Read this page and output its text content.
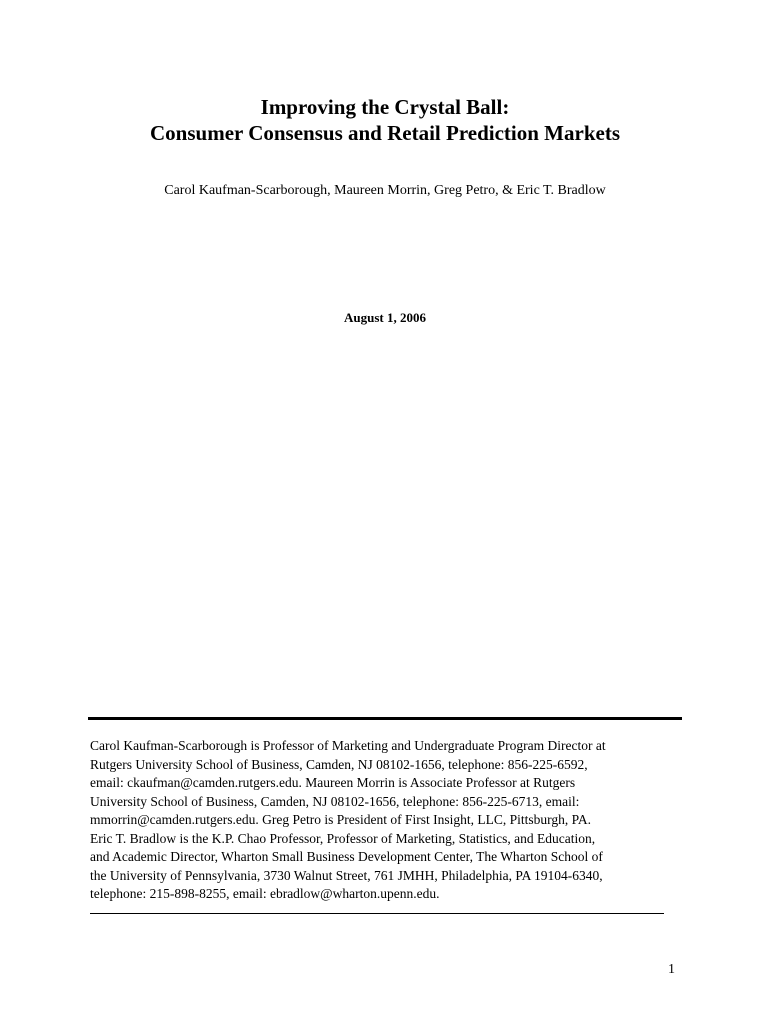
Improving the Crystal Ball:
Consumer Consensus and Retail Prediction Markets
Carol Kaufman-Scarborough, Maureen Morrin, Greg Petro, & Eric T. Bradlow
August 1, 2006
Carol Kaufman-Scarborough is Professor of Marketing and Undergraduate Program Director at
Rutgers University School of Business, Camden, NJ 08102-1656, telephone: 856-225-6592,
email: ckaufman@camden.rutgers.edu. Maureen Morrin is Associate Professor at Rutgers
University School of Business, Camden, NJ 08102-1656, telephone: 856-225-6713, email:
mmorrin@camden.rutgers.edu. Greg Petro is President of First Insight, LLC, Pittsburgh, PA.
Eric T. Bradlow is the K.P. Chao Professor, Professor of Marketing, Statistics, and Education,
and Academic Director, Wharton Small Business Development Center, The Wharton School of
the University of Pennsylvania, 3730 Walnut Street, 761 JMHH, Philadelphia, PA 19104-6340,
telephone: 215-898-8255, email: ebradlow@wharton.upenn.edu.
1
